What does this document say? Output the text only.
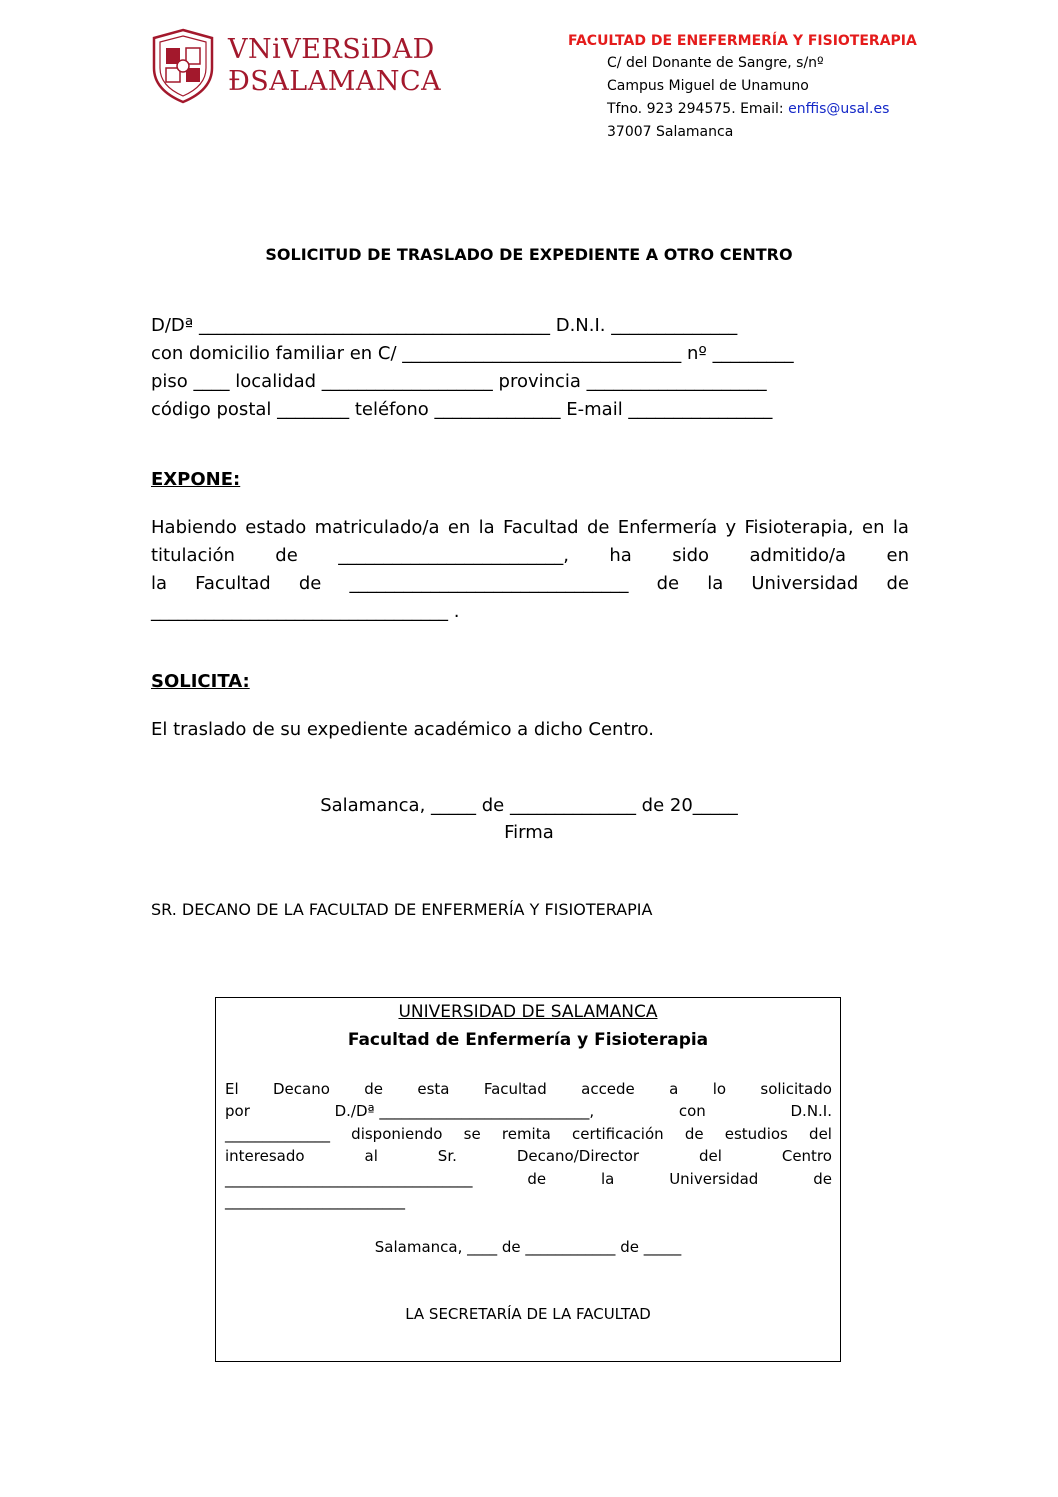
VNiVERSiDAD
ÐSALAMANCA
FACULTAD DE ENEFERMERÍA Y FISIOTERAPIA
C/ del Donante de Sangre, s/nº
Campus Miguel de Unamuno
Tfno. 923 294575. Email: enffis@usal.es
37007 Salamanca
SOLICITUD DE TRASLADO DE EXPEDIENTE A OTRO CENTRO
D/Dª _______________________________________ D.N.I. ______________
con domicilio familiar en C/ _______________________________ nº _________
piso ____ localidad ___________________ provincia ____________________
código postal ________ teléfono ______________ E-mail ________________
EXPONE:
Habiendo estado matriculado/a en la Facultad de Enfermería y Fisioterapia, en la
titulación de _________________________, ha sido admitido/a en
la Facultad de _______________________________ de la Universidad de
_________________________________ .
SOLICITA:
El traslado de su expediente académico a dicho Centro.
Salamanca, _____ de ______________ de 20_____
Firma
SR. DECANO DE LA FACULTAD DE ENFERMERÍA Y FISIOTERAPIA
UNIVERSIDAD DE SALAMANCA
Facultad de Enfermería y Fisioterapia
El Decano de esta Facultad accede a lo solicitado
por	D./Dª ____________________________,	con	D.N.I.
______________ disponiendo se remita certificación de estudios del
interesado	al	Sr.	Decano/Director	del	Centro
_________________________________	de	la	Universidad	de
________________________
Salamanca, ____ de ____________ de _____
LA SECRETARÍA DE LA FACULTAD
